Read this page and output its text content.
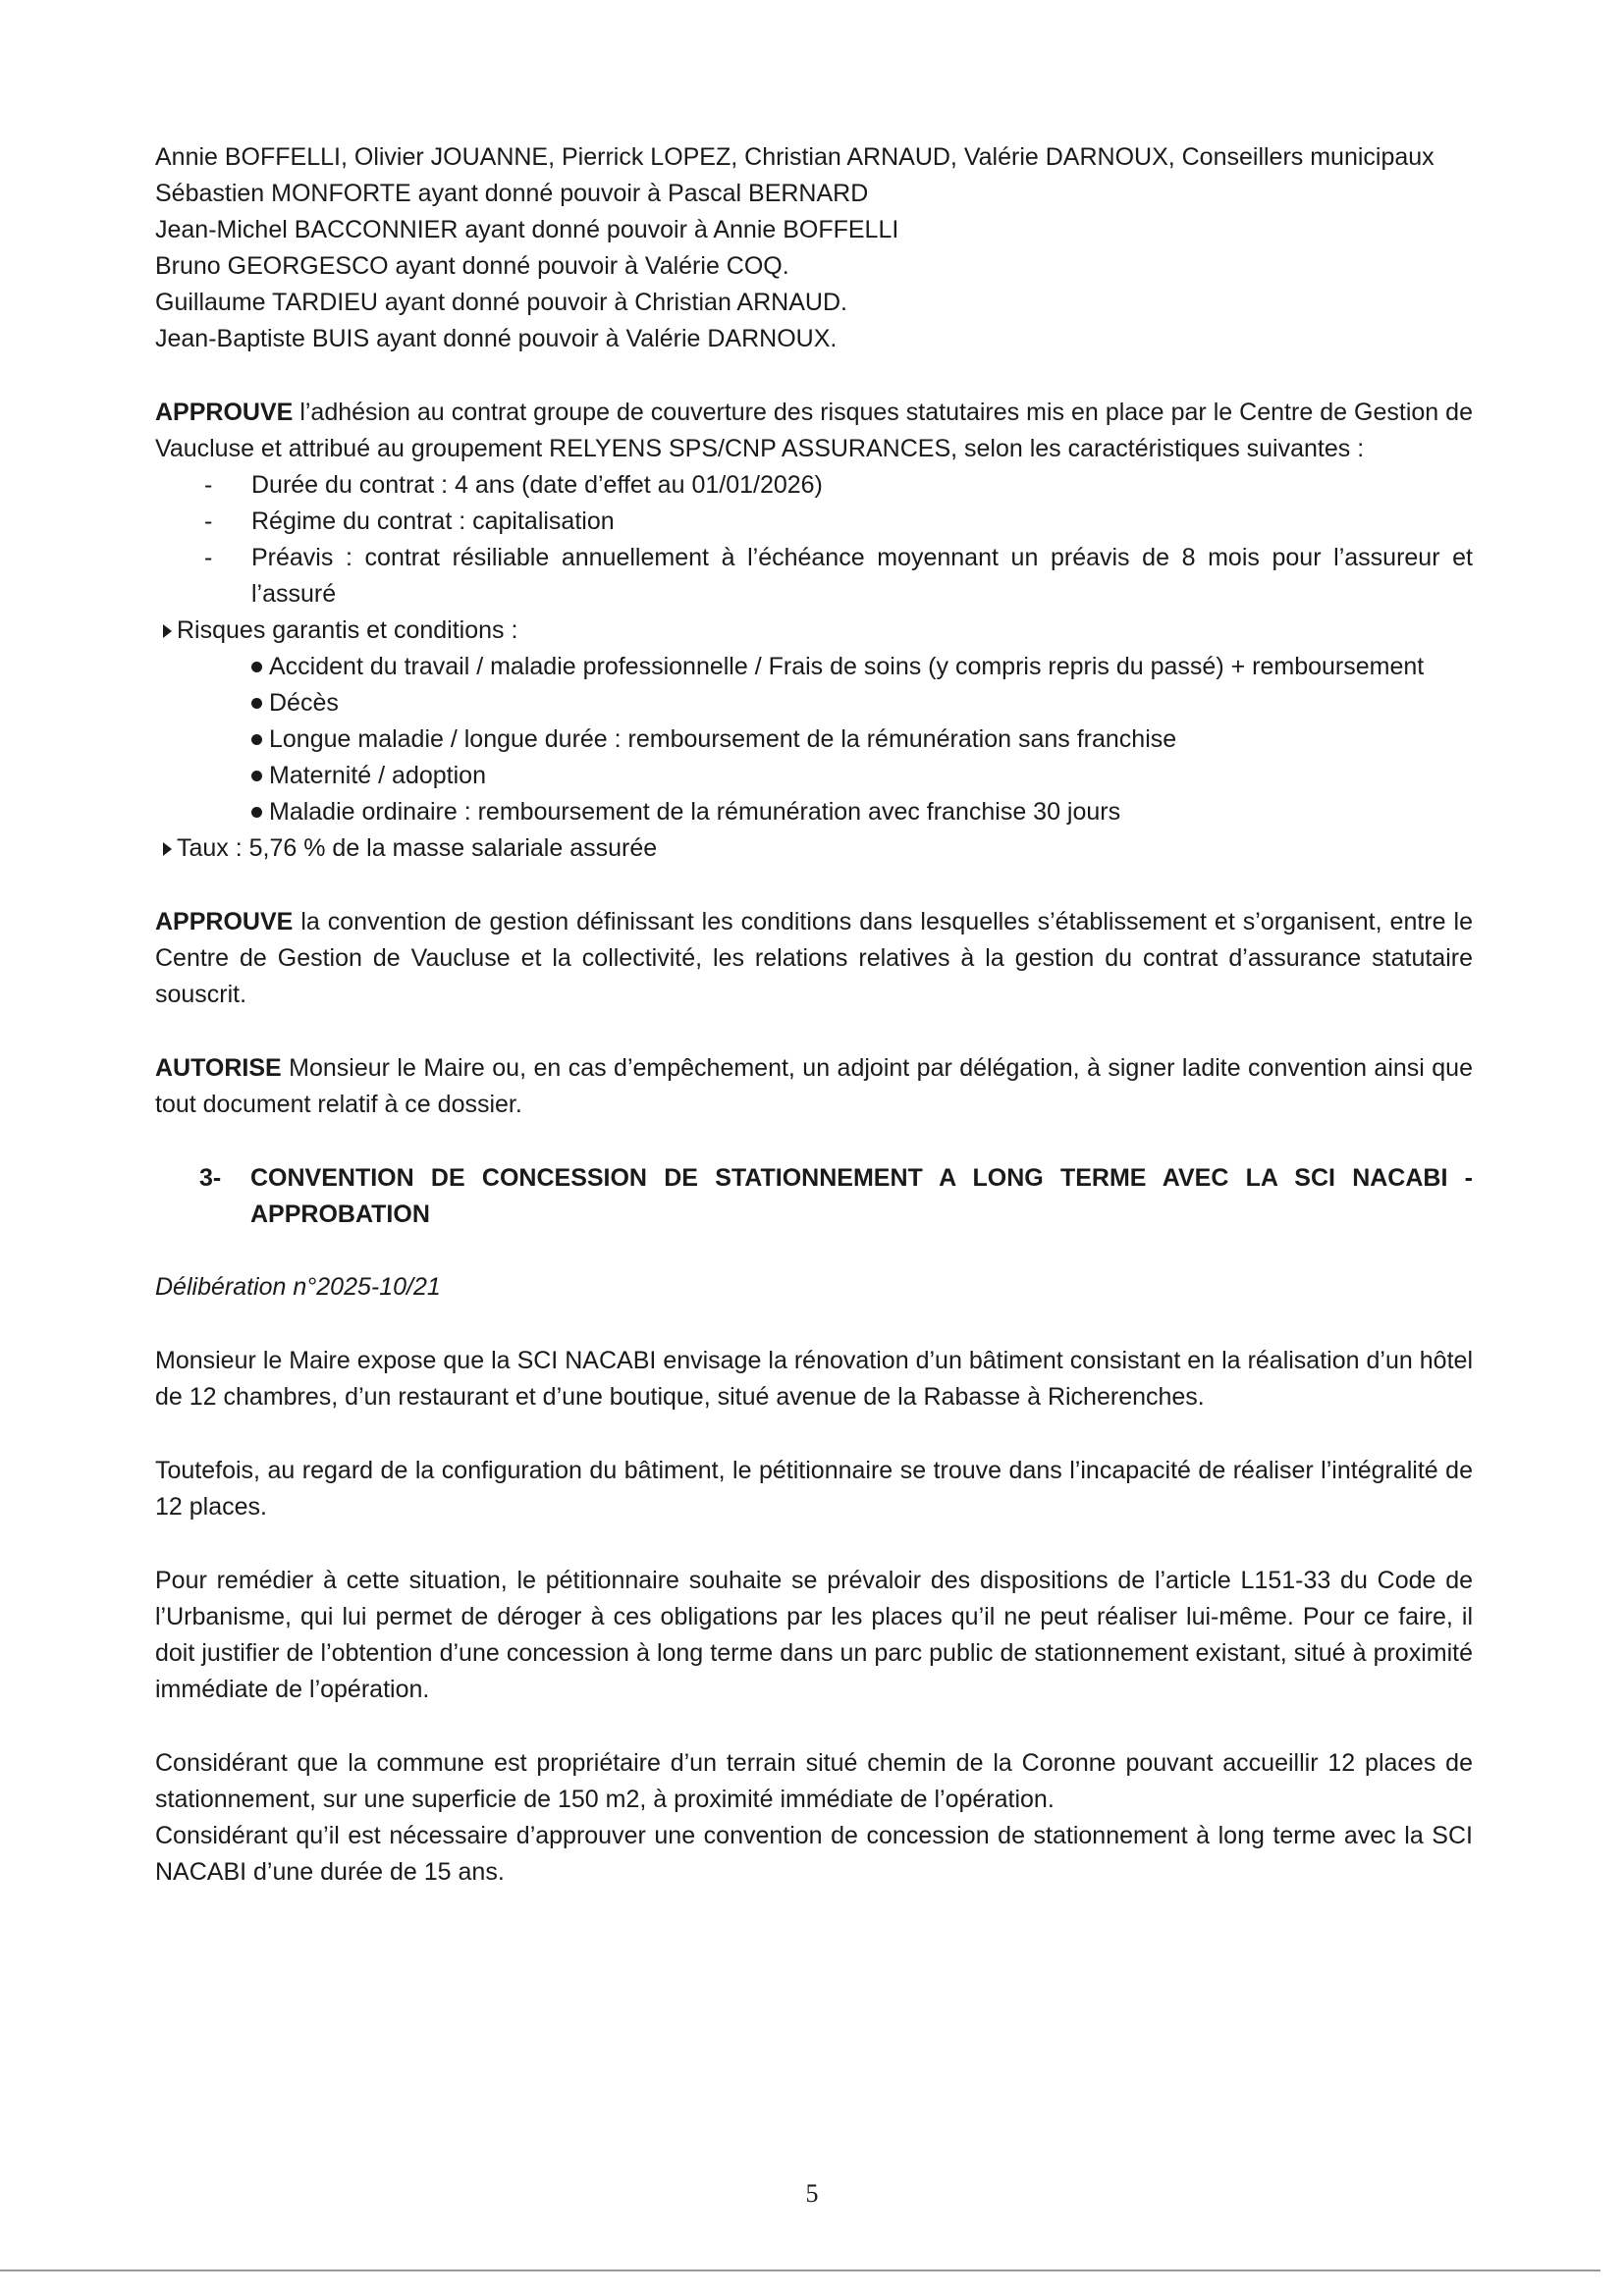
Annie BOFFELLI, Olivier JOUANNE, Pierrick LOPEZ, Christian ARNAUD, Valérie DARNOUX, Conseillers municipaux

Sébastien MONFORTE ayant donné pouvoir à Pascal BERNARD

Jean-Michel BACCONNIER ayant donné pouvoir à Annie BOFFELLI

Bruno GEORGESCO ayant donné pouvoir à Valérie COQ.

Guillaume TARDIEU ayant donné pouvoir à Christian ARNAUD.

Jean-Baptiste BUIS ayant donné pouvoir à Valérie DARNOUX.

APPROUVE l’adhésion au contrat groupe de couverture des risques statutaires mis en place par le Centre de Gestion de Vaucluse et attribué au groupement RELYENS SPS/CNP ASSURANCES, selon les caractéristiques suivantes :

- Durée du contrat : 4 ans (date d’effet au 01/01/2026)
- Régime du contrat : capitalisation
- Préavis : contrat résiliable annuellement à l’échéance moyennant un préavis de 8 mois pour l’assureur et l’assuré

Risques garantis et conditions :

Accident du travail / maladie professionnelle / Frais de soins (y compris repris du passé) + remboursement
Décès
Longue maladie / longue durée : remboursement de la rémunération sans franchise
Maternité / adoption
Maladie ordinaire : remboursement de la rémunération avec franchise 30 jours

Taux : 5,76 % de la masse salariale assurée

APPROUVE la convention de gestion définissant les conditions dans lesquelles s’établissement et s’organisent, entre le Centre de Gestion de Vaucluse et la collectivité, les relations relatives à la gestion du contrat d’assurance statutaire souscrit.

AUTORISE Monsieur le Maire ou, en cas d’empêchement, un adjoint par délégation, à signer ladite convention ainsi que tout document relatif à ce dossier.

3- CONVENTION DE CONCESSION DE STATIONNEMENT A LONG TERME AVEC LA SCI NACABI - APPROBATION

Délibération n°2025-10/21

Monsieur le Maire expose que la SCI NACABI envisage la rénovation d’un bâtiment consistant en la réalisation d’un hôtel de 12 chambres, d’un restaurant et d’une boutique, situé avenue de la Rabasse à Richerenches.

Toutefois, au regard de la configuration du bâtiment, le pétitionnaire se trouve dans l’incapacité de réaliser l’intégralité de 12 places.

Pour remédier à cette situation, le pétitionnaire souhaite se prévaloir des dispositions de l’article L151-33 du Code de l’Urbanisme, qui lui permet de déroger à ces obligations par les places qu’il ne peut réaliser lui-même. Pour ce faire, il doit justifier de l’obtention d’une concession à long terme dans un parc public de stationnement existant, situé à proximité immédiate de l’opération.

Considérant que la commune est propriétaire d’un terrain situé chemin de la Coronne pouvant accueillir 12 places de stationnement, sur une superficie de 150 m2, à proximité immédiate de l’opération.

Considérant qu’il est nécessaire d’approuver une convention de concession de stationnement à long terme avec la SCI NACABI d’une durée de 15 ans.

5
